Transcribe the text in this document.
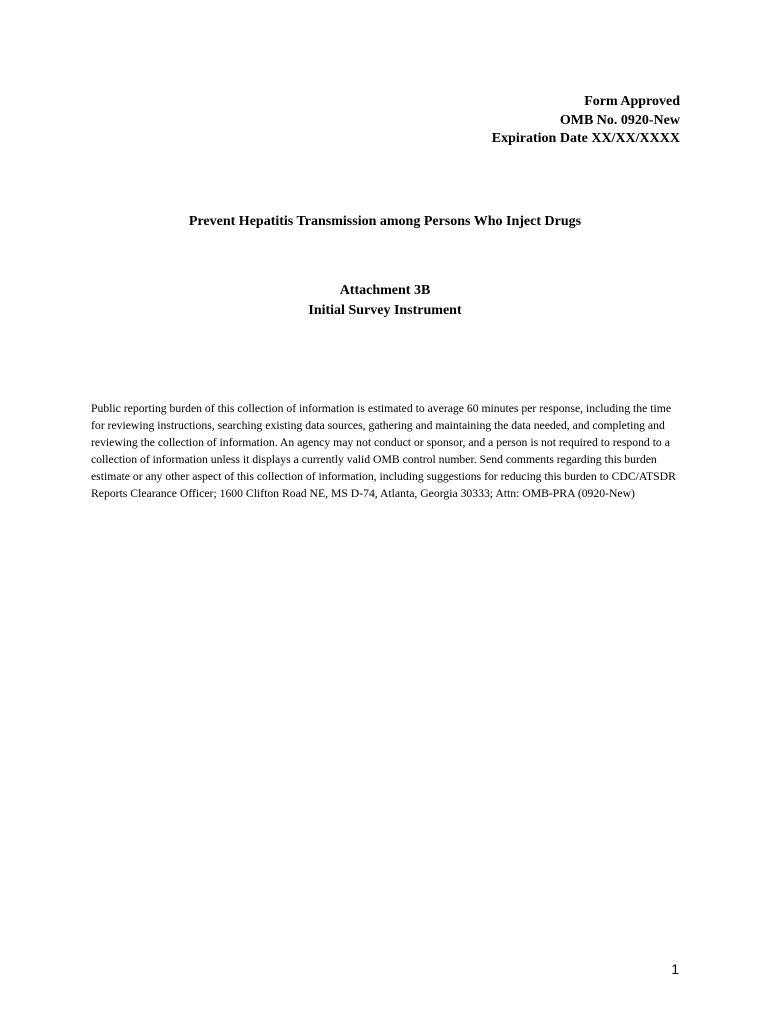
Form Approved
OMB No. 0920-New
Expiration Date XX/XX/XXXX
Prevent Hepatitis Transmission among Persons Who Inject Drugs
Attachment 3B
Initial Survey Instrument

Public reporting burden of this collection of information is estimated to average 60 minutes per response, including the time for reviewing instructions, searching existing data sources, gathering and maintaining the data needed, and completing and reviewing the collection of information. An agency may not conduct or sponsor, and a person is not required to respond to a collection of information unless it displays a currently valid OMB control number. Send comments regarding this burden estimate or any other aspect of this collection of information, including suggestions for reducing this burden to CDC/ATSDR Reports Clearance Officer; 1600 Clifton Road NE, MS D-74, Atlanta, Georgia 30333; Attn: OMB-PRA (0920-New)

1
